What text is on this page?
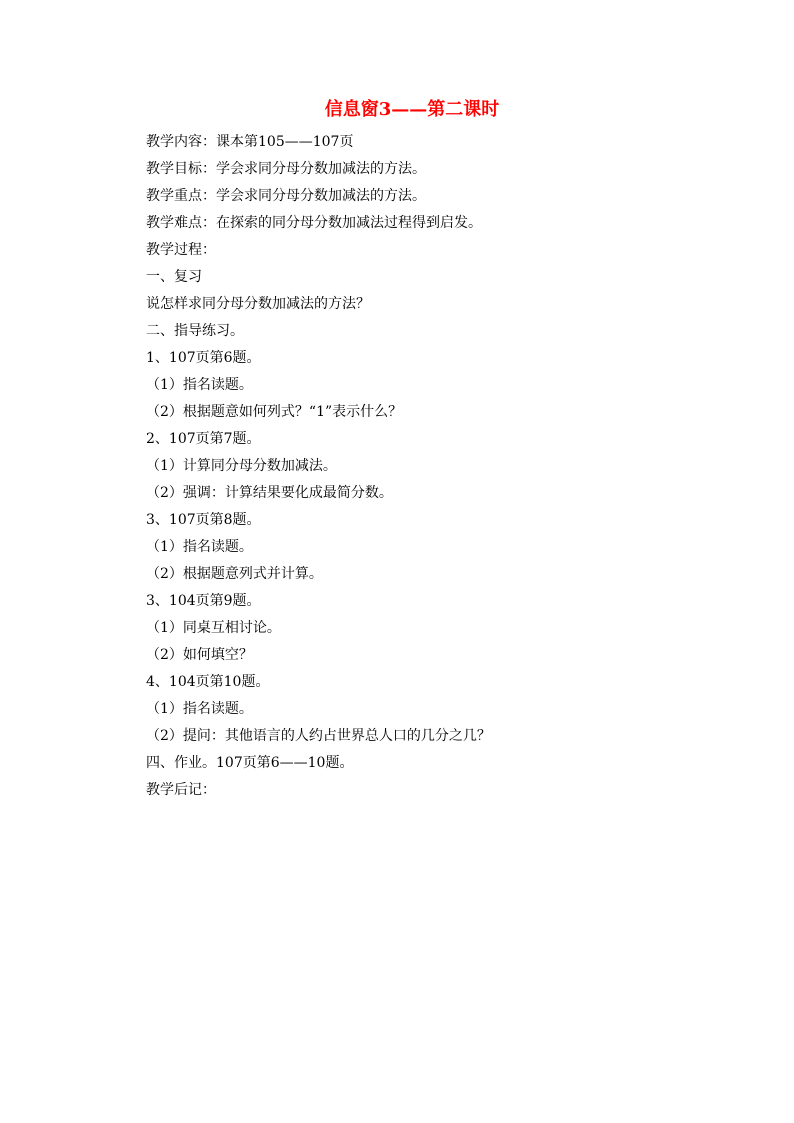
信息窗3——第二课时
教学内容：课本第105——107页
教学目标：学会求同分母分数加减法的方法。
教学重点：学会求同分母分数加减法的方法。
教学难点：在探索的同分母分数加减法过程得到启发。
教学过程：
一、复习
说怎样求同分母分数加减法的方法？
二、指导练习。
1、107页第6题。
（1）指名读题。
（2）根据题意如何列式？“1”表示什么？
2、107页第7题。
（1）计算同分母分数加减法。
（2）强调：计算结果要化成最简分数。
3、107页第8题。
（1）指名读题。
（2）根据题意列式并计算。
3、104页第9题。
（1）同桌互相讨论。
（2）如何填空？
4、104页第10题。
（1）指名读题。
（2）提问：其他语言的人约占世界总人口的几分之几？
四、作业。107页第6——10题。
教学后记：
